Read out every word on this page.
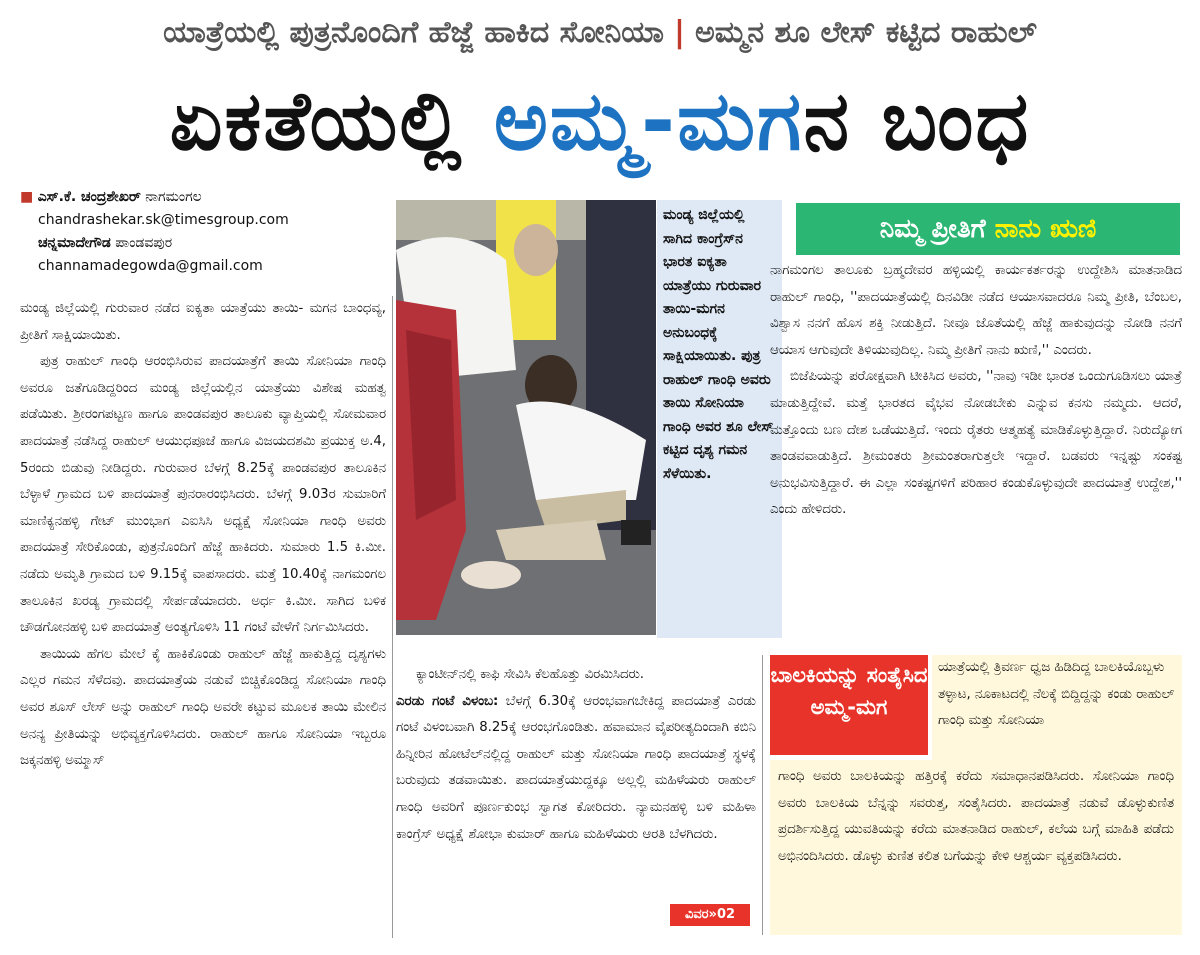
ಯಾತ್ರೆಯಲ್ಲಿ ಪುತ್ರನೊಂದಿಗೆ ಹೆಜ್ಜೆ ಹಾಕಿದ ಸೋನಿಯಾ | ಅಮ್ಮನ ಶೂ ಲೇಸ್ ಕಟ್ಟಿದ ರಾಹುಲ್
ಏಕತೆಯಲ್ಲಿ ಅಮ್ಮ-ಮಗನ ಬಂಧ
■ ಎಸ್.ಕೆ. ಚಂದ್ರಶೇಖರ್ ನಾಗಮಂಗಲ
chandrashekar.sk@timesgroup.com
ಚನ್ನಮಾದೇಗೌಡ ಪಾಂಡವಪುರ
channamadegowda@gmail.com

ಮಂಡ್ಯ ಜಿಲ್ಲೆಯಲ್ಲಿ ಗುರುವಾರ ನಡೆದ ಐಕ್ಯತಾ ಯಾತ್ರೆಯು ತಾಯಿ- ಮಗನ ಬಾಂಧವ್ಯ, ಪ್ರೀತಿಗೆ ಸಾಕ್ಷಿಯಾಯಿತು.

ಪುತ್ರ ರಾಹುಲ್ ಗಾಂಧಿ ಆರಂಭಿಸಿರುವ ಪಾದಯಾತ್ರೆಗೆ ತಾಯಿ ಸೋನಿಯಾ ಗಾಂಧಿ ಅವರೂ ಜತೆಗೂಡಿದ್ದರಿಂದ ಮಂಡ್ಯ ಜಿಲ್ಲೆಯಲ್ಲಿನ ಯಾತ್ರೆಯು ವಿಶೇಷ ಮಹತ್ವ ಪಡೆಯಿತು. ಶ್ರೀರಂಗಪಟ್ಟಣ ಹಾಗೂ ಪಾಂಡವಪುರ ತಾಲೂಕು ವ್ಯಾಪ್ತಿಯಲ್ಲಿ ಸೋಮವಾರ ಪಾದಯಾತ್ರೆ ನಡೆಸಿದ್ದ ರಾಹುಲ್ ಆಯುಧಪೂಜೆ ಹಾಗೂ ವಿಜಯದಶಮಿ ಪ್ರಯುಕ್ತ ಅ.4, 5ರಂದು ಬಿಡುವು ನೀಡಿದ್ದರು. ಗುರುವಾರ ಬೆಳಗ್ಗೆ 8.25ಕ್ಕೆ ಪಾಂಡವಪುರ ತಾಲೂಕಿನ ಬೆಳ್ಳಾಳೆ ಗ್ರಾಮದ ಬಳಿ ಪಾದಯಾತ್ರೆ ಪುನರಾರಂಭಿಸಿದರು. ಬೆಳಗ್ಗೆ 9.03ರ ಸುಮಾರಿಗೆ ಮಾಣಿಕ್ಯನಹಳ್ಳಿ ಗೇಟ್ ಮುಂಭಾಗ ಎಐಸಿಸಿ ಅಧ್ಯಕ್ಷೆ ಸೋನಿಯಾ ಗಾಂಧಿ ಅವರು ಪಾದಯಾತ್ರೆ ಸೇರಿಕೊಂಡು, ಪುತ್ರನೊಂದಿಗೆ ಹೆಜ್ಜೆ ಹಾಕಿದರು. ಸುಮಾರು 1.5 ಕಿ.ಮೀ. ನಡೆದು ಅಮೃತಿ ಗ್ರಾಮದ ಬಳಿ 9.15ಕ್ಕೆ ವಾಪಸಾದರು. ಮತ್ತೆ 10.40ಕ್ಕೆ ನಾಗಮಂಗಲ ತಾಲೂಕಿನ ಖರಡ್ಯ ಗ್ರಾಮದಲ್ಲಿ ಸೇರ್ಪಡೆಯಾದರು. ಅರ್ಧ ಕಿ.ಮೀ. ಸಾಗಿದ ಬಳಿಕ ಚೌಡಗೋನಹಳ್ಳಿ ಬಳಿ ಪಾದಯಾತ್ರೆ ಅಂತ್ಯಗೊಳಿಸಿ 11 ಗಂಟೆ ವೇಳೆಗೆ ನಿರ್ಗಮಿಸಿದರು.

ತಾಯಿಯ ಹೆಗಲ ಮೇಲೆ ಕೈ ಹಾಕಿಕೊಂಡು ರಾಹುಲ್ ಹೆಜ್ಜೆ ಹಾಕುತ್ತಿದ್ದ ದೃಶ್ಯಗಳು ಎಲ್ಲರ ಗಮನ ಸೆಳೆದವು. ಪಾದಯಾತ್ರೆಯ ನಡುವೆ ಬಿಚ್ಚಿಕೊಂಡಿದ್ದ ಸೋನಿಯಾ ಗಾಂಧಿ ಅವರ ಶೂಸ್ ಲೇಸ್ ಅನ್ನು ರಾಹುಲ್ ಗಾಂಧಿ ಅವರೇ ಕಟ್ಟುವ ಮೂಲಕ ತಾಯಿ ಮೇಲಿನ ಅನನ್ಯ ಪ್ರೀತಿಯನ್ನು ಅಭಿವ್ಯಕ್ತಗೊಳಿಸಿದರು. ರಾಹುಲ್ ಹಾಗೂ ಸೋನಿಯಾ ಇಬ್ಬರೂ ಜಕ್ಕನಹಳ್ಳಿ ಅಮ್ಮಾಸ್

ಮಂಡ್ಯ ಜಿಲ್ಲೆಯಲ್ಲಿ ಸಾಗಿದ ಕಾಂಗ್ರೆಸ್‌ನ ಭಾರತ ಐಕ್ಯತಾ ಯಾತ್ರೆಯು ಗುರುವಾರ ತಾಯಿ-ಮಗನ ಅನುಬಂಧಕ್ಕೆ ಸಾಕ್ಷಿಯಾಯಿತು. ಪುತ್ರ ರಾಹುಲ್ ಗಾಂಧಿ ಅವರು ತಾಯಿ ಸೋನಿಯಾ ಗಾಂಧಿ ಅವರ ಶೂ ಲೇಸ್ ಕಟ್ಟಿದ ದೃಶ್ಯ ಗಮನ ಸೆಳೆಯಿತು.
ನಿಮ್ಮ ಪ್ರೀತಿಗೆ ನಾನು ಋಣಿ

ನಾಗಮಂಗಲ ತಾಲೂಕು ಬ್ರಹ್ಮದೇವರ ಹಳ್ಳಿಯಲ್ಲಿ ಕಾರ್ಯಕರ್ತರನ್ನು ಉದ್ದೇಶಿಸಿ ಮಾತನಾಡಿದ ರಾಹುಲ್ ಗಾಂಧಿ, ''ಪಾದಯಾತ್ರೆಯಲ್ಲಿ ದಿನವಿಡೀ ನಡೆದ ಆಯಾಸವಾದರೂ ನಿಮ್ಮ ಪ್ರೀತಿ, ಬೆಂಬಲ, ವಿಶ್ವಾಸ ನನಗೆ ಹೊಸ ಶಕ್ತಿ ನೀಡುತ್ತಿದೆ. ನೀವೂ ಜೊತೆಯಲ್ಲಿ ಹೆಜ್ಜೆ ಹಾಕುವುದನ್ನು ನೋಡಿ ನನಗೆ ಆಯಾಸ ಆಗುವುದೇ ತಿಳಿಯುವುದಿಲ್ಲ. ನಿಮ್ಮ ಪ್ರೀತಿಗೆ ನಾನು ಋಣಿ,'' ಎಂದರು.

ಬಿಜೆಪಿಯನ್ನು ಪರೋಕ್ಷವಾಗಿ ಟೀಕಿಸಿದ ಅವರು, ''ನಾವು ಇಡೀ ಭಾರತ ಒಂದುಗೂಡಿಸಲು ಯಾತ್ರೆ ಮಾಡುತ್ತಿದ್ದೇವೆ. ಮತ್ತೆ ಭಾರತದ ವೈಭವ ನೋಡಬೇಕು ಎನ್ನುವ ಕನಸು ನಮ್ಮದು. ಆದರೆ, ಮತ್ತೊಂದು ಬಣ ದೇಶ ಒಡೆಯುತ್ತಿದೆ. ಇಂದು ರೈತರು ಆತ್ಮಹತ್ಯೆ ಮಾಡಿಕೊಳ್ಳುತ್ತಿದ್ದಾರೆ. ನಿರುದ್ಯೋಗ ತಾಂಡವವಾಡುತ್ತಿದೆ. ಶ್ರೀಮಂತರು ಶ್ರೀಮಂತರಾಗುತ್ತಲೇ ಇದ್ದಾರೆ. ಬಡವರು ಇನ್ನಷ್ಟು ಸಂಕಷ್ಟ ಅನುಭವಿಸುತ್ತಿದ್ದಾರೆ. ಈ ಎಲ್ಲಾ ಸಂಕಷ್ಟಗಳಿಗೆ ಪರಿಹಾರ ಕಂಡುಕೊಳ್ಳುವುದೇ ಪಾದಯಾತ್ರೆ ಉದ್ದೇಶ,'' ಎಂದು ಹೇಳಿದರು.

ಕ್ಯಾಂಟೀನ್‌ನಲ್ಲಿ ಕಾಫಿ ಸೇವಿಸಿ ಕೆಲಹೊತ್ತು ವಿರಮಿಸಿದರು.

ಎರಡು ಗಂಟೆ ವಿಳಂಬ: ಬೆಳಗ್ಗೆ 6.30ಕ್ಕೆ ಆರಂಭವಾಗಬೇಕಿದ್ದ ಪಾದಯಾತ್ರೆ ಎರಡು ಗಂಟೆ ವಿಳಂಬವಾಗಿ 8.25ಕ್ಕೆ ಆರಂಭಗೊಂಡಿತು. ಹವಾಮಾನ ವೈಪರೀತ್ಯದಿಂದಾಗಿ ಕಬಿನಿ ಹಿನ್ನೀರಿನ ಹೋಟೆಲ್‌ನಲ್ಲಿದ್ದ ರಾಹುಲ್ ಮತ್ತು ಸೋನಿಯಾ ಗಾಂಧಿ ಪಾದಯಾತ್ರೆ ಸ್ಥಳಕ್ಕೆ ಬರುವುದು ತಡವಾಯಿತು. ಪಾದಯಾತ್ರೆಯುದ್ದಕ್ಕೂ ಅಲ್ಲಲ್ಲಿ ಮಹಿಳೆಯರು ರಾಹುಲ್ ಗಾಂಧಿ ಅವರಿಗೆ ಪೂರ್ಣಕುಂಭ ಸ್ವಾಗತ ಕೋರಿದರು. ನ್ಯಾಮನಹಳ್ಳಿ ಬಳಿ ಮಹಿಳಾ ಕಾಂಗ್ರೆಸ್ ಅಧ್ಯಕ್ಷೆ ಶೋಭಾ ಕುಮಾರ್ ಹಾಗೂ ಮಹಿಳೆಯರು ಆರತಿ ಬೆಳಗಿದರು.

ವಿವರ»02
ಬಾಲಕಿಯನ್ನು ಸಂತೈಸಿದ ಅಮ್ಮ-ಮಗ
ಯಾತ್ರೆಯಲ್ಲಿ ತ್ರಿವರ್ಣ ಧ್ವಜ ಹಿಡಿದಿದ್ದ ಬಾಲಕಿಯೊಬ್ಬಳು ತಳ್ಳಾಟ, ನೂಕಾಟದಲ್ಲಿ ನೆಲಕ್ಕೆ ಬಿದ್ದಿದ್ದನ್ನು ಕಂಡು ರಾಹುಲ್ ಗಾಂಧಿ ಮತ್ತು ಸೋನಿಯಾ
ಗಾಂಧಿ ಅವರು ಬಾಲಕಿಯನ್ನು ಹತ್ತಿರಕ್ಕೆ ಕರೆದು ಸಮಾಧಾನಪಡಿಸಿದರು. ಸೋನಿಯಾ ಗಾಂಧಿ ಅವರು ಬಾಲಕಿಯ ಬೆನ್ನನ್ನು ಸವರುತ್ತ, ಸಂತೈಸಿದರು. ಪಾದಯಾತ್ರೆ ನಡುವೆ ಡೊಳ್ಳುಕುಣಿತ ಪ್ರದರ್ಶಿಸುತ್ತಿದ್ದ ಯುವತಿಯನ್ನು ಕರೆದು ಮಾತನಾಡಿದ ರಾಹುಲ್, ಕಲೆಯ ಬಗ್ಗೆ ಮಾಹಿತಿ ಪಡೆದು ಅಭಿನಂದಿಸಿದರು. ಡೊಳ್ಳು ಕುಣಿತ ಕಲಿತ ಬಗೆಯನ್ನು ಕೇಳಿ ಆಶ್ಚರ್ಯ ವ್ಯಕ್ತಪಡಿಸಿದರು.
